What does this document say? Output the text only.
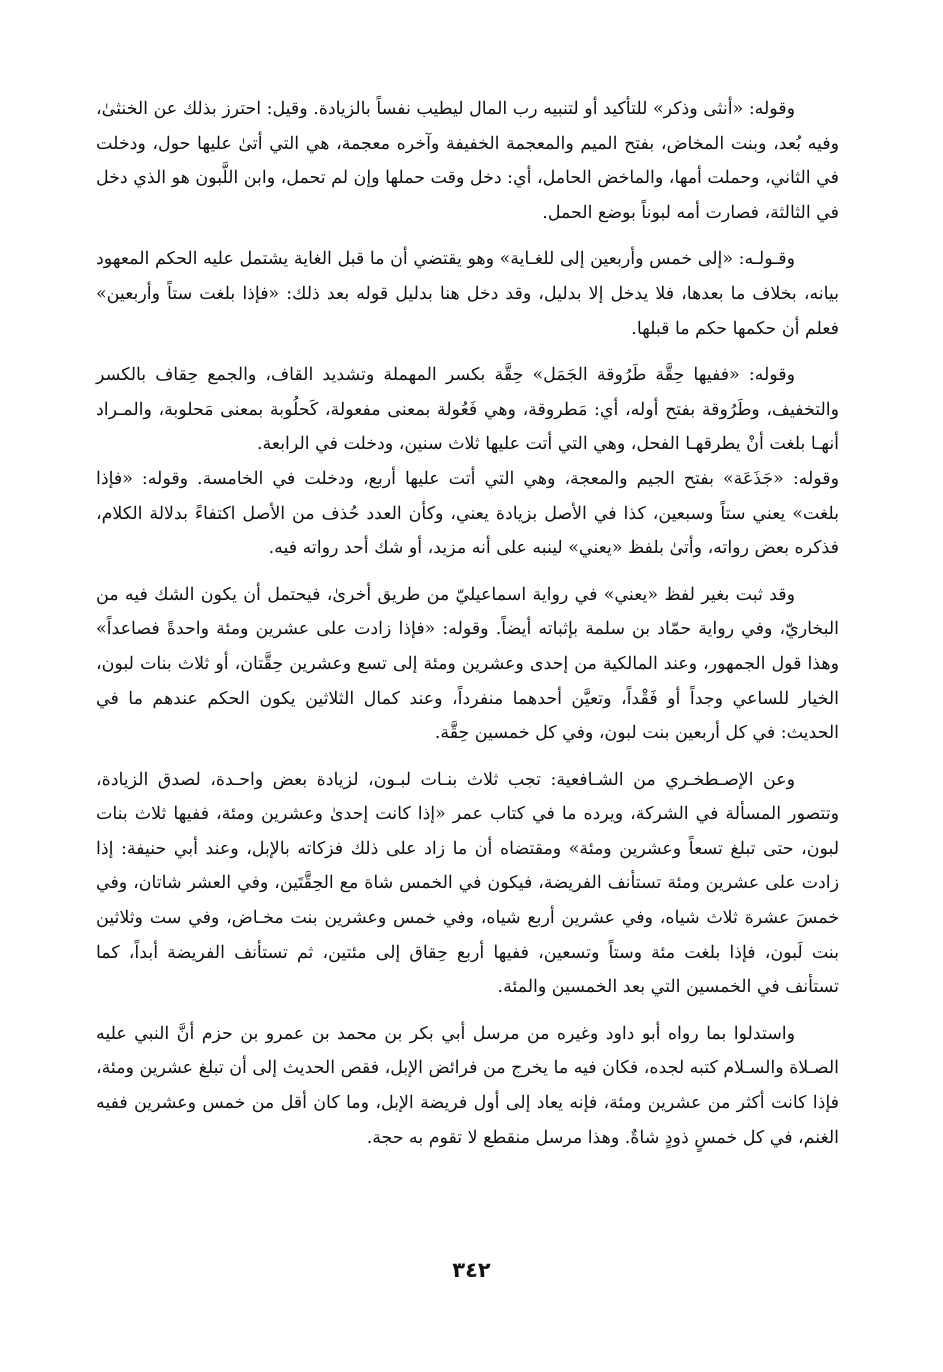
وقوله: «أنثى وذكر» للتأكيد أو لتنبيه رب المال ليطيب نفساً بالزيادة. وقيل: احترز بذلك عن الخنثىٰ، وفيه بُعد، وبنت المخاض، بفتح الميم والمعجمة الخفيفة وآخره معجمة، هي التي أتىٰ عليها حول، ودخلت في الثاني، وحملت أمها، والماخض الحامل، أي: دخل وقت حملها وإن لم تحمل، وابن اللَّبون هو الذي دخل في الثالثة، فصارت أمه لبوناً بوضع الحمل.

وقـولـه: «إلى خمس وأربعين إلى للغـاية» وهو يقتضي أن ما قبل الغاية يشتمل عليه الحكم المعهود بيانه، بخلاف ما بعدها، فلا يدخل إلا بدليل، وقد دخل هنا بدليل قوله بعد ذلك: «فإذا بلغت ستاً وأربعين» فعلم أن حكمها حكم ما قبلها.

وقوله: «ففيها حِقَّة طَرُوقة الجَمَل» حِقَّة بكسر المهملة وتشديد القاف، والجمع حِقاف بالكسر والتخفيف، وطَرُوقة بفتح أوله، أي: مَطروقة، وهي فَعُولة بمعنى مفعولة، كَحلُوبة بمعنى مَحلوبة، والمـراد أنهـا بلغت أنْ يطرقهـا الفحل، وهي التي أتت عليها ثلاث سنين، ودخلت في الرابعة.

وقوله: «جَذَعَة» بفتح الجيم والمعجة، وهي التي أتت عليها أربع، ودخلت في الخامسة. وقوله: «فإذا بلغت» يعني ستاً وسبعين، كذا في الأصل بزيادة يعني، وكأن العدد حُذف من الأصل اكتفاءً بدلالة الكلام، فذكره بعض رواته، وأتىٰ بلفظ «يعني» لينبه على أنه مزيد، أو شك أحد رواته فيه.

وقد ثبت بغير لفظ «يعني» في رواية اسماعيليّ من طريق أخرىٰ، فيحتمل أن يكون الشك فيه من البخاريّ، وفي رواية حمّاد بن سلمة بإثباته أيضاً. وقوله: «فإذا زادت على عشرين ومئة واحدةً فصاعداً» وهذا قول الجمهور، وعند المالكية من إحدى وعشرين ومئة إلى تسع وعشرين حِقَّتان، أو ثلاث بنات لبون، الخيار للساعي وجداً أو فَقْداً، وتعيَّن أحدهما منفرداً، وعند كمال الثلاثين يكون الحكم عندهم ما في الحديث: في كل أربعين بنت لبون، وفي كل خمسين حِقَّة.

وعن الإصـطخـري من الشـافعية: تجب ثلاث بنـات لبـون، لزيادة بعض واحـدة، لصدق الزيادة، وتتصور المسألة في الشركة، ويرده ما في كتاب عمر «إذا كانت إحدىٰ وعشرين ومئة، ففيها ثلاث بنات لبون، حتى تبلغ تسعاً وعشرين ومئة» ومقتضاه أن ما زاد على ذلك فزكاته بالإبل، وعند أبي حنيفة: إذا زادت على عشرين ومئة تستأنف الفريضة، فيكون في الخمس شاة مع الحِقَّتَين، وفي العشر شاتان، وفي خمسَ عشرة ثلاث شياه، وفي عشرين أربع شياه، وفي خمس وعشرين بنت مخـاض، وفي ست وثلاثين بنت لَبون، فإذا بلغت مئة وستاً وتسعين، ففيها أربع حِقاق إلى مئتين، ثم تستأنف الفريضة أبداً، كما تستأنف في الخمسين التي بعد الخمسين والمئة.

واستدلوا بما رواه أبو داود وغيره من مرسل أبي بكر بن محمد بن عمرو بن حزم أنَّ النبي عليه الصـلاة والسـلام كتبه لجده، فكان فيه ما يخرج من فرائض الإبل، فقص الحديث إلى أن تبلغ عشرين ومئة، فإذا كانت أكثر من عشرين ومئة، فإنه يعاد إلى أول فريضة الإبل، وما كان أقل من خمس وعشرين ففيه الغنم، في كل خمسٍ ذودٍ شاةٌ. وهذا مرسل منقطع لا تقوم به حجة.

٣٤٢
